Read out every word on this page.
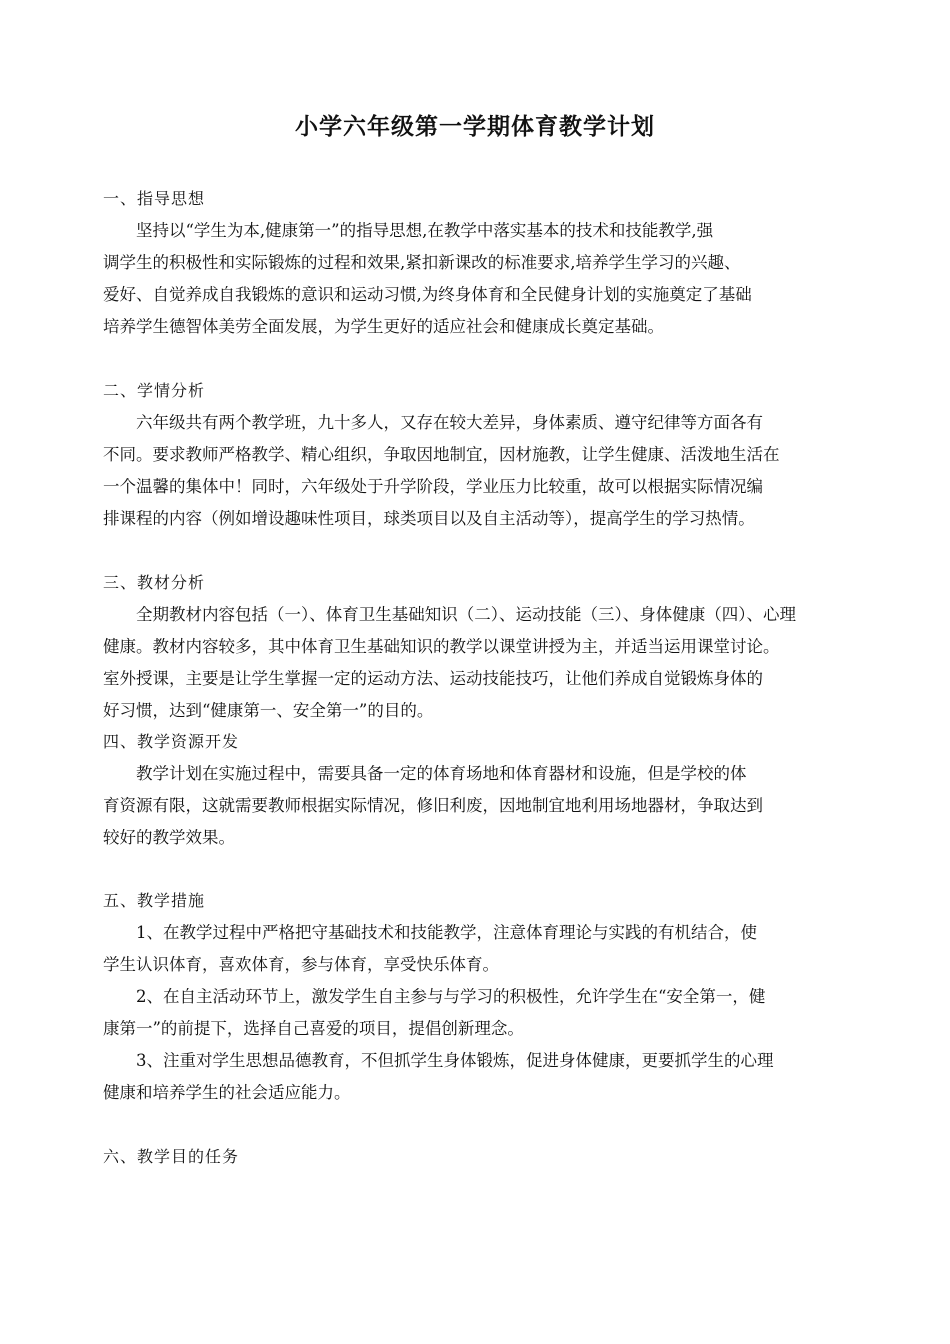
小学六年级第一学期体育教学计划
一、指导思想
　　坚持以“学生为本,健康第一”的指导思想,在教学中落实基本的技术和技能教学,强
调学生的积极性和实际锻炼的过程和效果,紧扣新课改的标准要求,培养学生学习的兴趣、
爱好、自觉养成自我锻炼的意识和运动习惯,为终身体育和全民健身计划的实施奠定了基础
培养学生德智体美劳全面发展，为学生更好的适应社会和健康成长奠定基础。
二、学情分析
　　六年级共有两个教学班，九十多人，又存在较大差异，身体素质、遵守纪律等方面各有
不同。要求教师严格教学、精心组织，争取因地制宜，因材施教，让学生健康、活泼地生活在
一个温馨的集体中！同时，六年级处于升学阶段，学业压力比较重，故可以根据实际情况编
排课程的内容（例如增设趣味性项目，球类项目以及自主活动等），提高学生的学习热情。
三、教材分析
　　全期教材内容包括（一）、体育卫生基础知识（二）、运动技能（三）、身体健康（四）、心理
健康。教材内容较多，其中体育卫生基础知识的教学以课堂讲授为主，并适当运用课堂讨论。
室外授课，主要是让学生掌握一定的运动方法、运动技能技巧，让他们养成自觉锻炼身体的
好习惯，达到“健康第一、安全第一”的目的。
四、教学资源开发
　　教学计划在实施过程中，需要具备一定的体育场地和体育器材和设施，但是学校的体
育资源有限，这就需要教师根据实际情况，修旧利废，因地制宜地利用场地器材，争取达到
较好的教学效果。
五、教学措施
　　1、在教学过程中严格把守基础技术和技能教学，注意体育理论与实践的有机结合，使
学生认识体育，喜欢体育，参与体育，享受快乐体育。
　　2、在自主活动环节上，激发学生自主参与与学习的积极性，允许学生在“安全第一，健
康第一”的前提下，选择自己喜爱的项目，提倡创新理念。
　　3、注重对学生思想品德教育，不但抓学生身体锻炼，促进身体健康，更要抓学生的心理
健康和培养学生的社会适应能力。
六、教学目的任务
